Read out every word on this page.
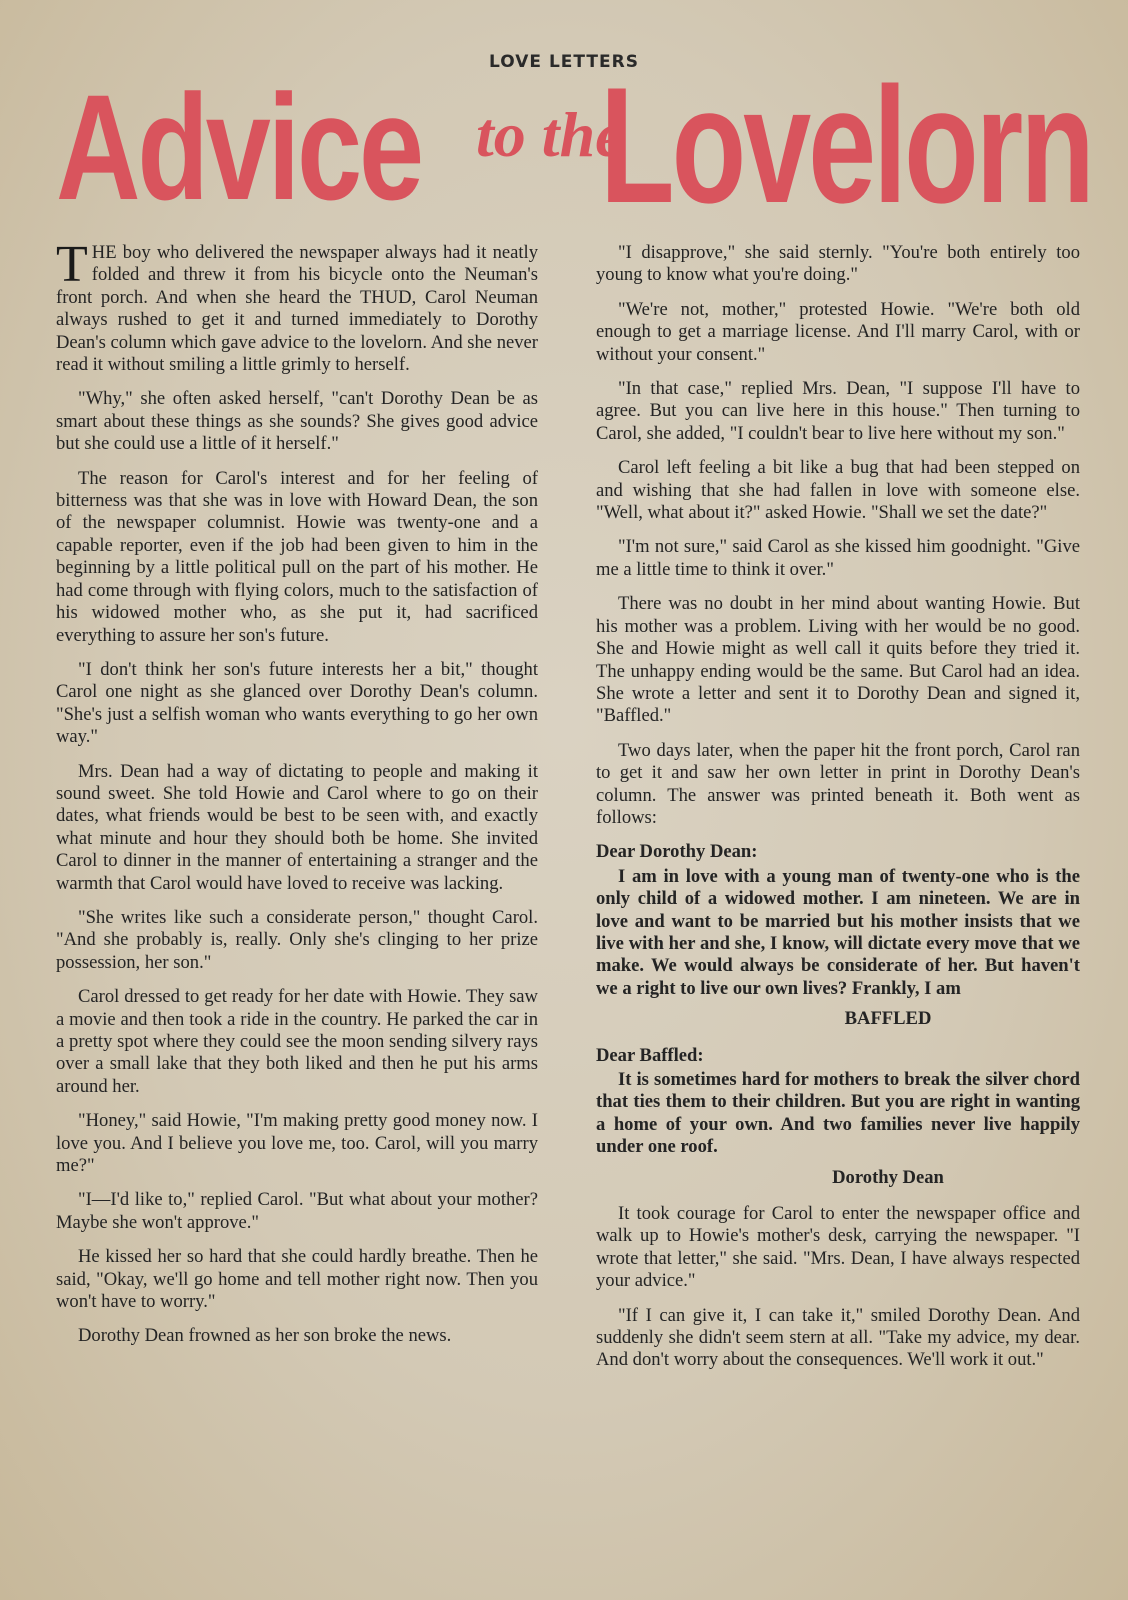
LOVE LETTERS
Advice to the
Lovelorn

THE boy who delivered the newspaper always had it neatly folded and threw it from his bicycle onto the Neuman's front porch. And when she heard the THUD, Carol Neuman always rushed to get it and turned immediately to Dorothy Dean's column which gave advice to the lovelorn. And she never read it without smiling a little grimly to herself.

"Why," she often asked herself, "can't Dorothy Dean be as smart about these things as she sounds? She gives good advice but she could use a little of it herself."

The reason for Carol's interest and for her feeling of bitterness was that she was in love with Howard Dean, the son of the newspaper columnist. Howie was twenty-one and a capable reporter, even if the job had been given to him in the beginning by a little political pull on the part of his mother. He had come through with flying colors, much to the satisfaction of his widowed mother who, as she put it, had sacrificed everything to assure her son's future.

"I don't think her son's future interests her a bit," thought Carol one night as she glanced over Dorothy Dean's column. "She's just a selfish woman who wants everything to go her own way."

Mrs. Dean had a way of dictating to people and making it sound sweet. She told Howie and Carol where to go on their dates, what friends would be best to be seen with, and exactly what minute and hour they should both be home. She invited Carol to dinner in the manner of entertaining a stranger and the warmth that Carol would have loved to receive was lacking.

"She writes like such a considerate person," thought Carol. "And she probably is, really. Only she's clinging to her prize possession, her son."

Carol dressed to get ready for her date with Howie. They saw a movie and then took a ride in the country. He parked the car in a pretty spot where they could see the moon sending silvery rays over a small lake that they both liked and then he put his arms around her.

"Honey," said Howie, "I'm making pretty good money now. I love you. And I believe you love me, too. Carol, will you marry me?"

"I—I'd like to," replied Carol. "But what about your mother? Maybe she won't approve."

He kissed her so hard that she could hardly breathe. Then he said, "Okay, we'll go home and tell mother right now. Then you won't have to worry."

Dorothy Dean frowned as her son broke the news.

"I disapprove," she said sternly. "You're both entirely too young to know what you're doing."

"We're not, mother," protested Howie. "We're both old enough to get a marriage license. And I'll marry Carol, with or without your consent."

"In that case," replied Mrs. Dean, "I suppose I'll have to agree. But you can live here in this house." Then turning to Carol, she added, "I couldn't bear to live here without my son."

Carol left feeling a bit like a bug that had been stepped on and wishing that she had fallen in love with someone else. "Well, what about it?" asked Howie. "Shall we set the date?"

"I'm not sure," said Carol as she kissed him goodnight. "Give me a little time to think it over."

There was no doubt in her mind about wanting Howie. But his mother was a problem. Living with her would be no good. She and Howie might as well call it quits before they tried it. The unhappy ending would be the same. But Carol had an idea. She wrote a letter and sent it to Dorothy Dean and signed it, "Baffled."

Two days later, when the paper hit the front porch, Carol ran to get it and saw her own letter in print in Dorothy Dean's column. The answer was printed beneath it. Both went as follows:

Dear Dorothy Dean:

I am in love with a young man of twenty-one who is the only child of a widowed mother. I am nineteen. We are in love and want to be married but his mother insists that we live with her and she, I know, will dictate every move that we make. We would always be considerate of her. But haven't we a right to live our own lives? Frankly, I am

BAFFLED

Dear Baffled:

It is sometimes hard for mothers to break the silver chord that ties them to their children. But you are right in wanting a home of your own. And two families never live happily under one roof.

Dorothy Dean

It took courage for Carol to enter the newspaper office and walk up to Howie's mother's desk, carrying the newspaper. "I wrote that letter," she said. "Mrs. Dean, I have always respected your advice."

"If I can give it, I can take it," smiled Dorothy Dean. And suddenly she didn't seem stern at all. "Take my advice, my dear. And don't worry about the consequences. We'll work it out."
